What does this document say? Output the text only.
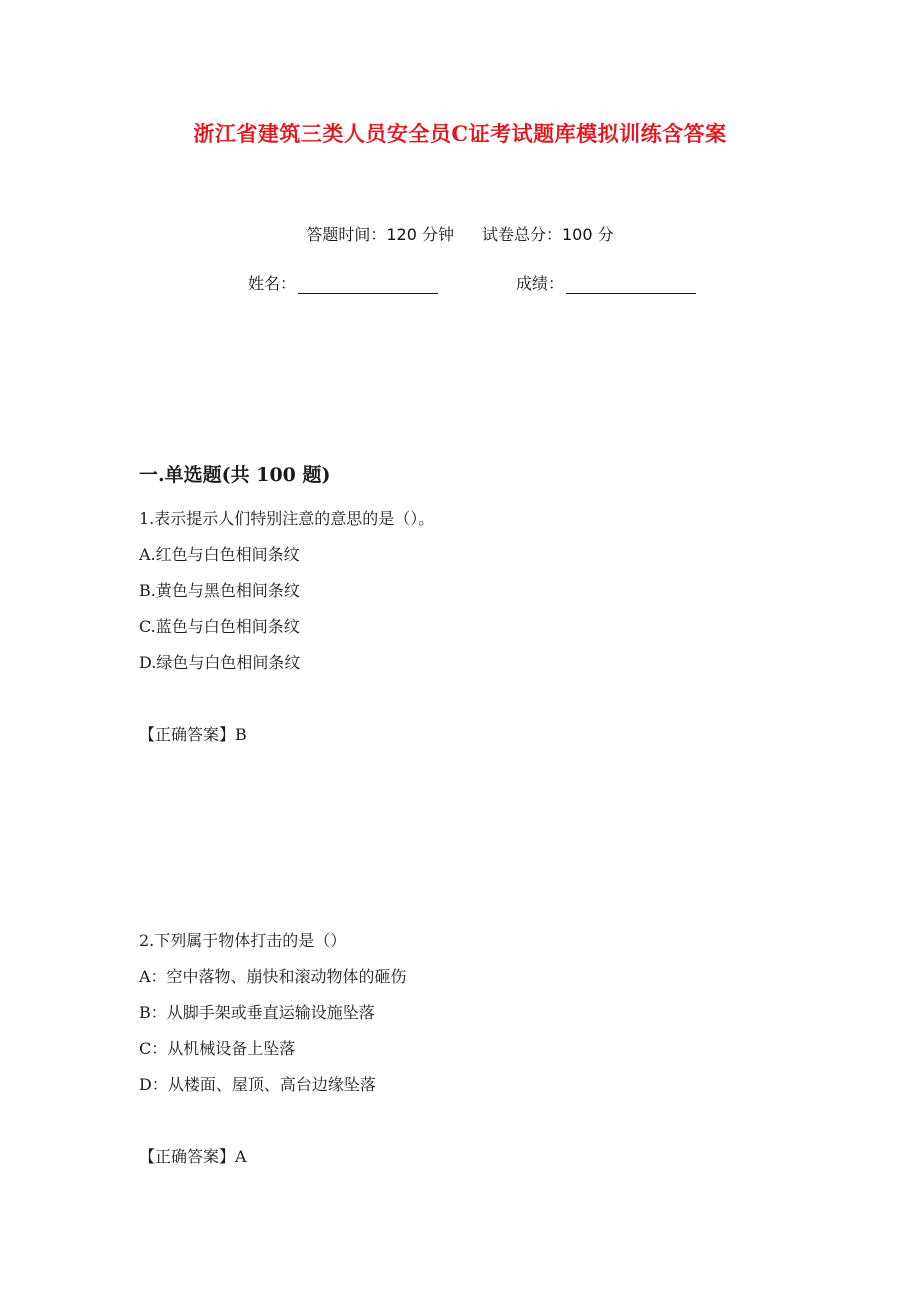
浙江省建筑三类人员安全员C证考试题库模拟训练含答案
答题时间：120 分钟 试卷总分：100 分
姓名：	成绩：
一.单选题(共 100 题)
1.表示提示人们特别注意的意思的是（）。
A.红色与白色相间条纹
B.黄色与黑色相间条纹
C.蓝色与白色相间条纹
D.绿色与白色相间条纹
【正确答案】B
2.下列属于物体打击的是（）
A：空中落物、崩快和滚动物体的砸伤
B：从脚手架或垂直运输设施坠落
C：从机械设备上坠落
D：从楼面、屋顶、高台边缘坠落
【正确答案】A
